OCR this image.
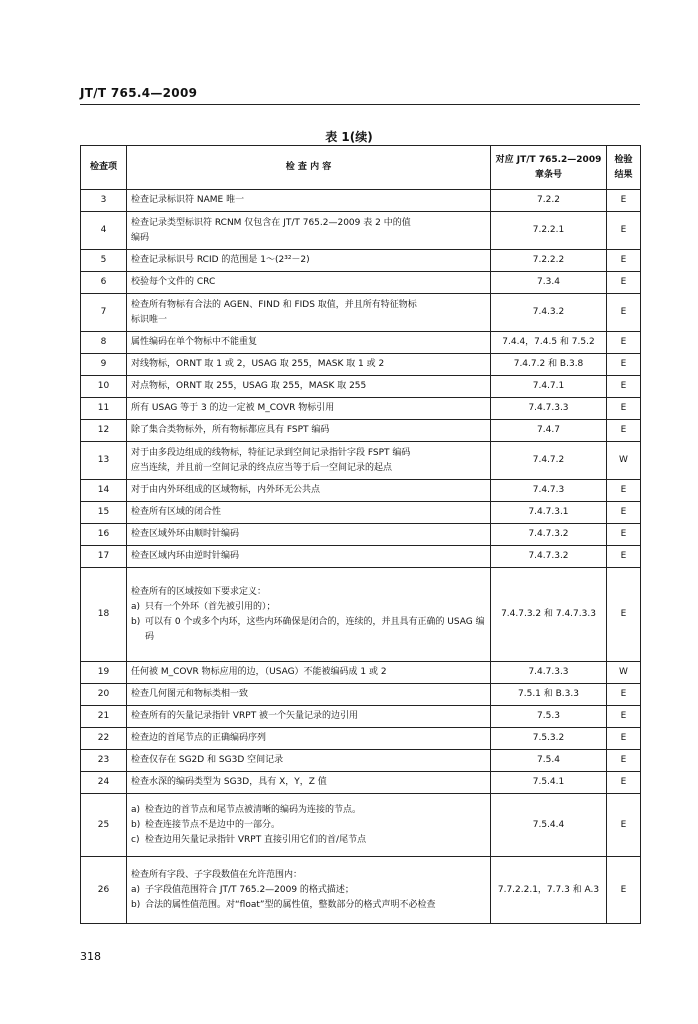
JT/T 765.4—2009
表 1(续)
检查项	检 查 内 容	对应 JT/T 765.2—2009
章条号	检验结果
3	检查记录标识符 NAME 唯一	7.2.2	E
4	检查记录类型标识符 RCNM 仅包含在 JT/T 765.2—2009 表 2 中的值
编码	7.2.2.1	E
5	检查记录标识号 RCID 的范围是 1～(2³²－2)	7.2.2.2	E
6	校验每个文件的 CRC	7.3.4	E
7	检查所有物标有合法的 AGEN、FIND 和 FIDS 取值，并且所有特征物标
标识唯一	7.4.3.2	E
8	属性编码在单个物标中不能重复	7.4.4，7.4.5 和 7.5.2	E
9	对线物标，ORNT 取 1 或 2，USAG 取 255，MASK 取 1 或 2	7.4.7.2 和 B.3.8	E
10	对点物标，ORNT 取 255，USAG 取 255，MASK 取 255	7.4.7.1	E
11	所有 USAG 等于 3 的边一定被 M_COVR 物标引用	7.4.7.3.3	E
12	除了集合类物标外，所有物标都应具有 FSPT 编码	7.4.7	E
13	对于由多段边组成的线物标，特征记录到空间记录指针字段 FSPT 编码
应当连续，并且前一空间记录的终点应当等于后一空间记录的起点	7.4.7.2	W
14	对于由内外环组成的区域物标，内外环无公共点	7.4.7.3	E
15	检查所有区域的闭合性	7.4.7.3.1	E
16	检查区域外环由顺时针编码	7.4.7.3.2	E
17	检查区域内环由逆时针编码	7.4.7.3.2	E
18	检查所有的区域按如下要求定义：
a) 只有一个外环（首先被引用的）；
b) 可以有 0 个或多个内环，这些内环确保是闭合的，连续的，并且具有正确的 USAG 编码	7.4.7.3.2 和 7.4.7.3.3	E
19	任何被 M_COVR 物标应用的边，（USAG）不能被编码成 1 或 2	7.4.7.3.3	W
20	检查几何图元和物标类相一致	7.5.1 和 B.3.3	E
21	检查所有的矢量记录指针 VRPT 被一个矢量记录的边引用	7.5.3	E
22	检查边的首尾节点的正确编码序列	7.5.3.2	E
23	检查仅存在 SG2D 和 SG3D 空间记录	7.5.4	E
24	检查水深的编码类型为 SG3D，具有 X，Y，Z 值	7.5.4.1	E
25	a) 检查边的首节点和尾节点被清晰的编码为连接的节点。
b) 检查连接节点不是边中的一部分。
c) 检查边用矢量记录指针 VRPT 直接引用它们的首/尾节点	7.5.4.4	E
26	检查所有字段、子字段数值在允许范围内：
a) 子字段值范围符合 JT/T 765.2—2009 的格式描述；
b) 合法的属性值范围。对“float”型的属性值，整数部分的格式声明不必检查	7.7.2.2.1，7.7.3 和 A.3	E
318
